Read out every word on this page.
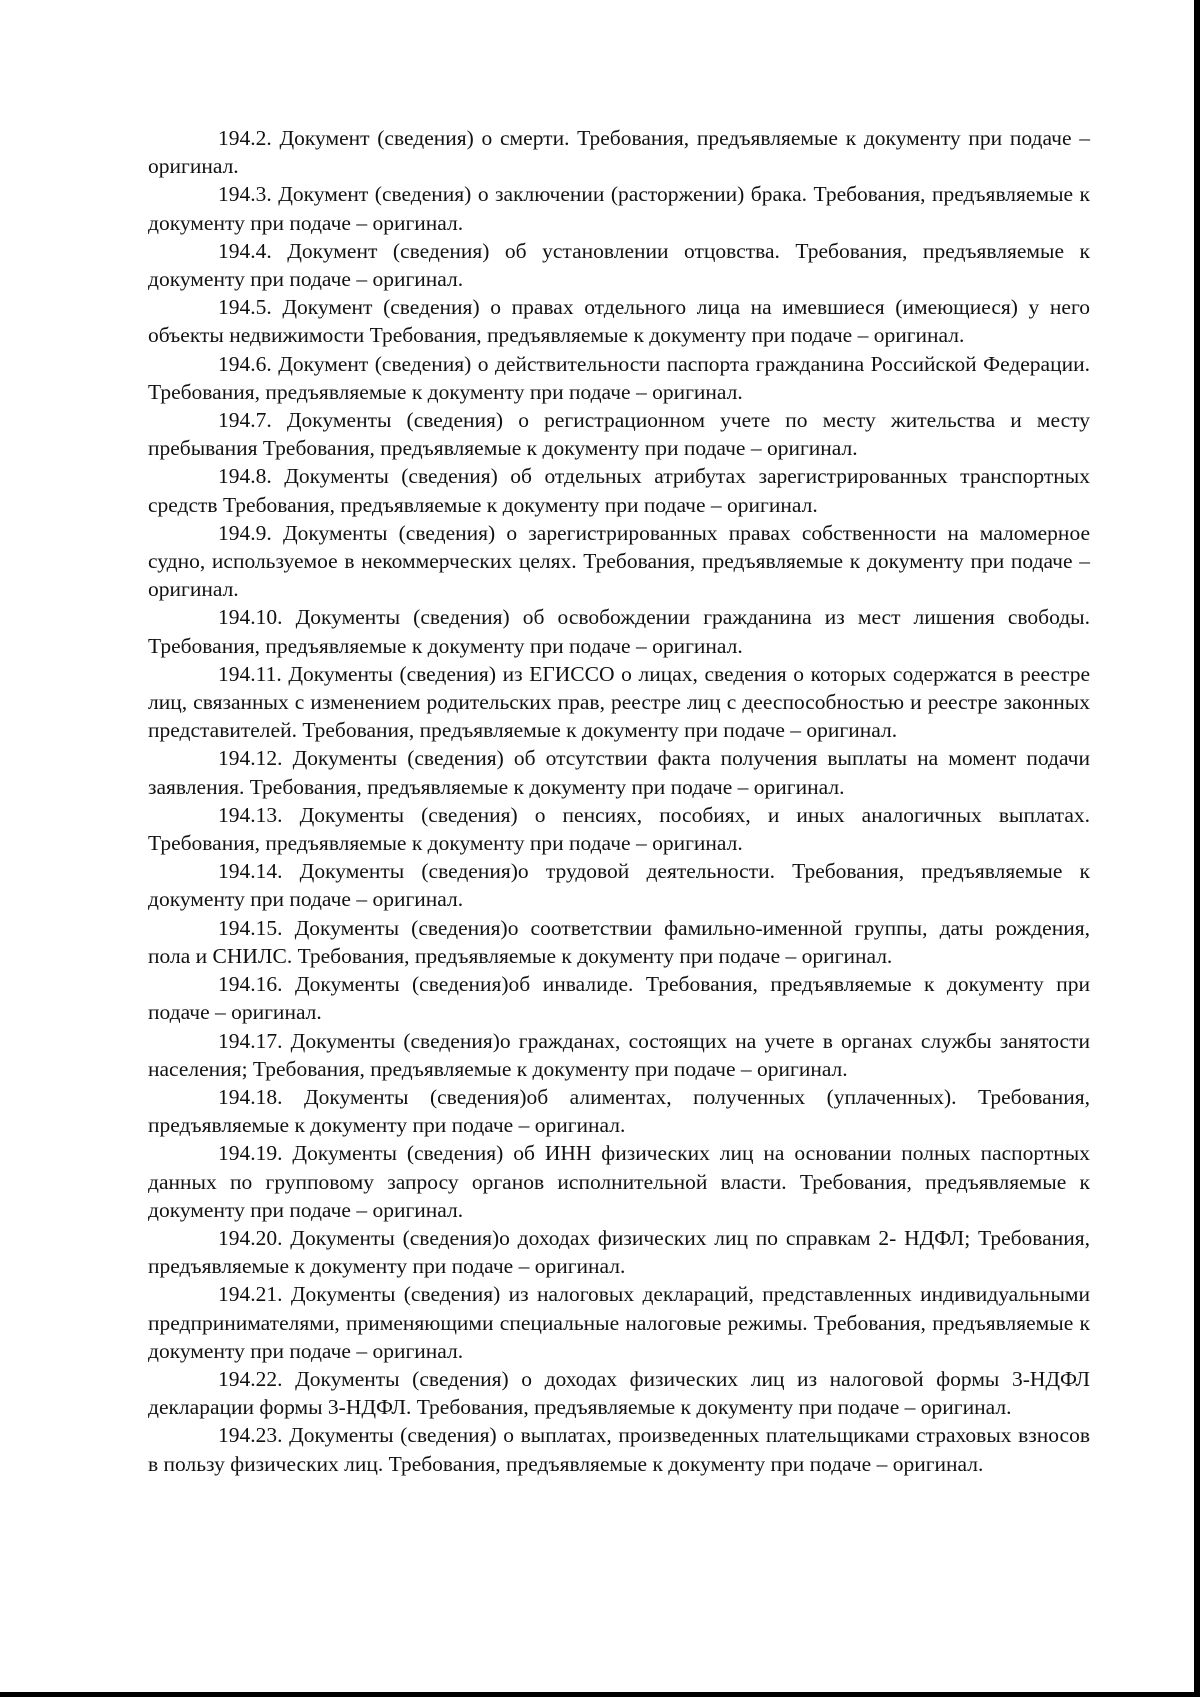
194.2. Документ (сведения) о смерти. Требования, предъявляемые к документу при подаче – оригинал.

194.3. Документ (сведения) о заключении (расторжении) брака. Требования, предъявляемые к документу при подаче – оригинал.

194.4. Документ (сведения) об установлении отцовства. Требования, предъявляемые к документу при подаче – оригинал.

194.5. Документ (сведения) о правах отдельного лица на имевшиеся (имеющиеся) у него объекты недвижимости Требования, предъявляемые к документу при подаче – оригинал.

194.6. Документ (сведения) о действительности паспорта гражданина Российской Федерации. Требования, предъявляемые к документу при подаче – оригинал.

194.7. Документы (сведения) о регистрационном учете по месту жительства и месту пребывания Требования, предъявляемые к документу при подаче – оригинал.

194.8. Документы (сведения) об отдельных атрибутах зарегистрированных транспортных средств Требования, предъявляемые к документу при подаче – оригинал.

194.9. Документы (сведения) о зарегистрированных правах собственности на маломерное судно, используемое в некоммерческих целях. Требования, предъявляемые к документу при подаче – оригинал.

194.10. Документы (сведения) об освобождении гражданина из мест лишения свободы. Требования, предъявляемые к документу при подаче – оригинал.

194.11. Документы (сведения) из ЕГИССО о лицах, сведения о которых содержатся в реестре лиц, связанных с изменением родительских прав, реестре лиц с дееспособностью и реестре законных представителей. Требования, предъявляемые к документу при подаче – оригинал.

194.12. Документы (сведения) об отсутствии факта получения выплаты на момент подачи заявления. Требования, предъявляемые к документу при подаче – оригинал.

194.13. Документы (сведения) о пенсиях, пособиях, и иных аналогичных выплатах. Требования, предъявляемые к документу при подаче – оригинал.

194.14. Документы (сведения)о трудовой деятельности. Требования, предъявляемые к документу при подаче – оригинал.

194.15. Документы (сведения)о соответствии фамильно-именной группы, даты рождения, пола и СНИЛС. Требования, предъявляемые к документу при подаче – оригинал.

194.16. Документы (сведения)об инвалиде. Требования, предъявляемые к документу при подаче – оригинал.

194.17. Документы (сведения)о гражданах, состоящих на учете в органах службы занятости населения; Требования, предъявляемые к документу при подаче – оригинал.

194.18. Документы (сведения)об алиментах, полученных (уплаченных). Требования, предъявляемые к документу при подаче – оригинал.

194.19. Документы (сведения) об ИНН физических лиц на основании полных паспортных данных по групповому запросу органов исполнительной власти. Требования, предъявляемые к документу при подаче – оригинал.

194.20. Документы (сведения)о доходах физических лиц по справкам 2- НДФЛ; Требования, предъявляемые к документу при подаче – оригинал.

194.21. Документы (сведения) из налоговых деклараций, представленных индивидуальными предпринимателями, применяющими специальные налоговые режимы. Требования, предъявляемые к документу при подаче – оригинал.

194.22. Документы (сведения) о доходах физических лиц из налоговой формы 3-НДФЛ декларации формы 3-НДФЛ. Требования, предъявляемые к документу при подаче – оригинал.

194.23. Документы (сведения) о выплатах, произведенных плательщиками страховых взносов в пользу физических лиц. Требования, предъявляемые к документу при подаче – оригинал.
